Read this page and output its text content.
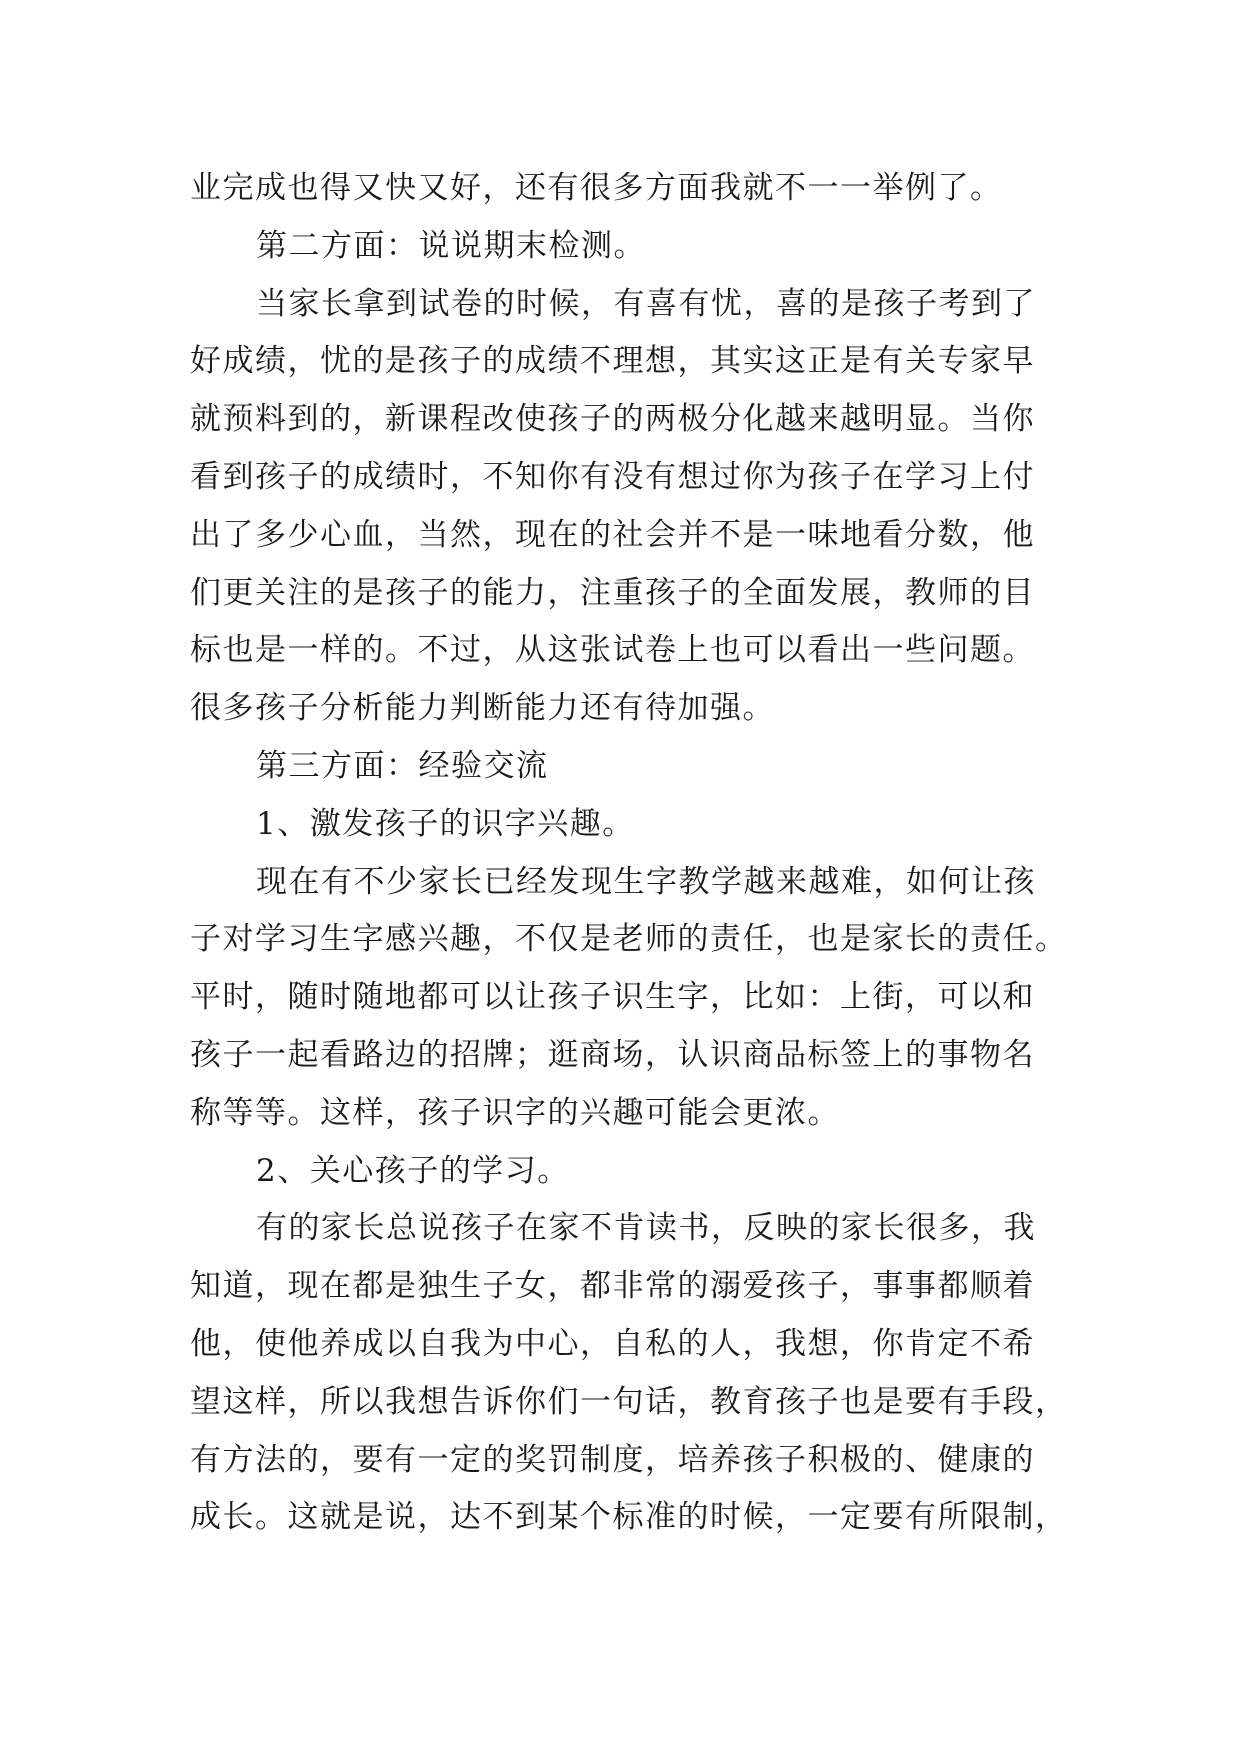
业完成也得又快又好，还有很多方面我就不一一举例了。
第二方面：说说期末检测。
当家长拿到试卷的时候，有喜有忧，喜的是孩子考到了
好成绩，忧的是孩子的成绩不理想，其实这正是有关专家早
就预料到的，新课程改使孩子的两极分化越来越明显。当你
看到孩子的成绩时，不知你有没有想过你为孩子在学习上付
出了多少心血，当然，现在的社会并不是一味地看分数，他
们更关注的是孩子的能力，注重孩子的全面发展，教师的目
标也是一样的。不过，从这张试卷上也可以看出一些问题。
很多孩子分析能力判断能力还有待加强。
第三方面：经验交流
1、激发孩子的识字兴趣。
现在有不少家长已经发现生字教学越来越难，如何让孩
子对学习生字感兴趣，不仅是老师的责任，也是家长的责任。
平时，随时随地都可以让孩子识生字，比如：上街，可以和
孩子一起看路边的招牌；逛商场，认识商品标签上的事物名
称等等。这样，孩子识字的兴趣可能会更浓。
2、关心孩子的学习。
有的家长总说孩子在家不肯读书，反映的家长很多，我
知道，现在都是独生子女，都非常的溺爱孩子，事事都顺着
他，使他养成以自我为中心，自私的人，我想，你肯定不希
望这样，所以我想告诉你们一句话，教育孩子也是要有手段，
有方法的，要有一定的奖罚制度，培养孩子积极的、健康的
成长。这就是说，达不到某个标准的时候，一定要有所限制，
